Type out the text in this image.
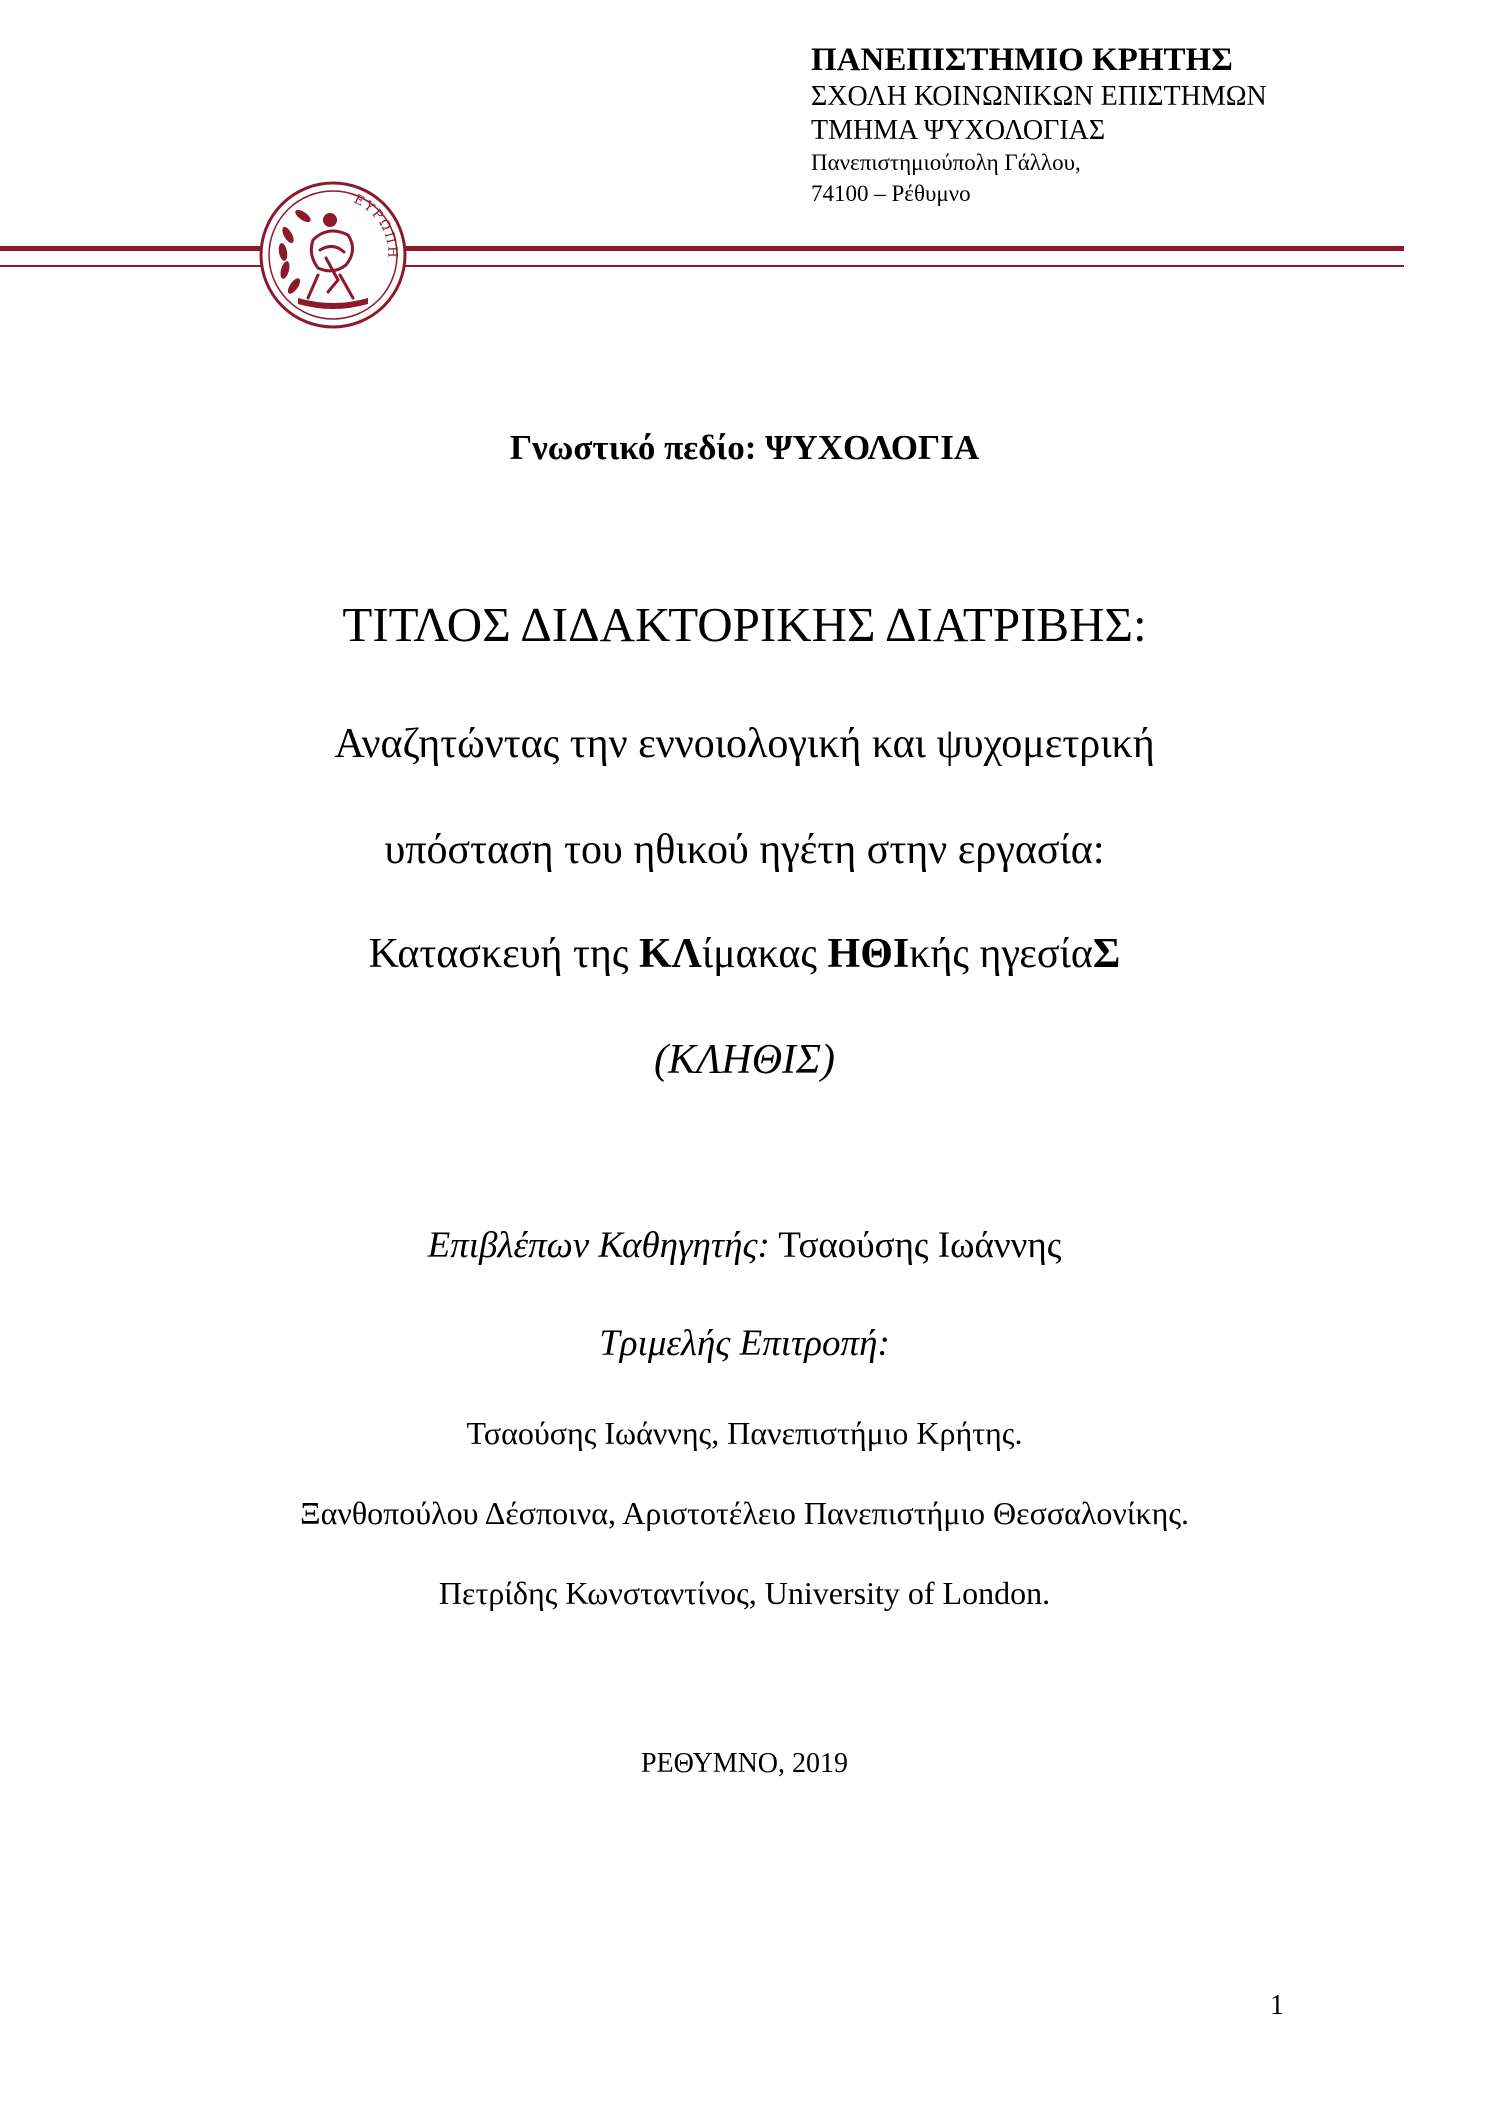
ΠΑΝΕΠΙΣΤΗΜΙΟ ΚΡΗΤΗΣ
ΣΧΟΛΗ ΚΟΙΝΩΝΙΚΩΝ ΕΠΙΣΤΗΜΩΝ
ΤΜΗΜΑ ΨΥΧΟΛΟΓΙΑΣ
Πανεπιστημιούπολη Γάλλου,
74100 – Ρέθυμνο
ΕΥΡΩΠΗ
Γνωστικό πεδίο: ΨΥΧΟΛΟΓΙΑ
ΤΙΤΛΟΣ ΔΙΔΑΚΤΟΡΙΚΗΣ ΔΙΑΤΡΙΒΗΣ:
Αναζητώντας την εννοιολογική και ψυχομετρική
υπόσταση του ηθικού ηγέτη στην εργασία:
Κατασκευή της ΚΛίμακας ΗΘΙκής ηγεσίαΣ
(ΚΛΗΘΙΣ)
Επιβλέπων Καθηγητής: Τσαούσης Ιωάννης
Τριμελής Επιτροπή:
Τσαούσης Ιωάννης, Πανεπιστήμιο Κρήτης.
Ξανθοπούλου Δέσποινα, Αριστοτέλειο Πανεπιστήμιο Θεσσαλονίκης.
Πετρίδης Κωνσταντίνος, University of London.
ΡΕΘΥΜΝΟ, 2019
1
